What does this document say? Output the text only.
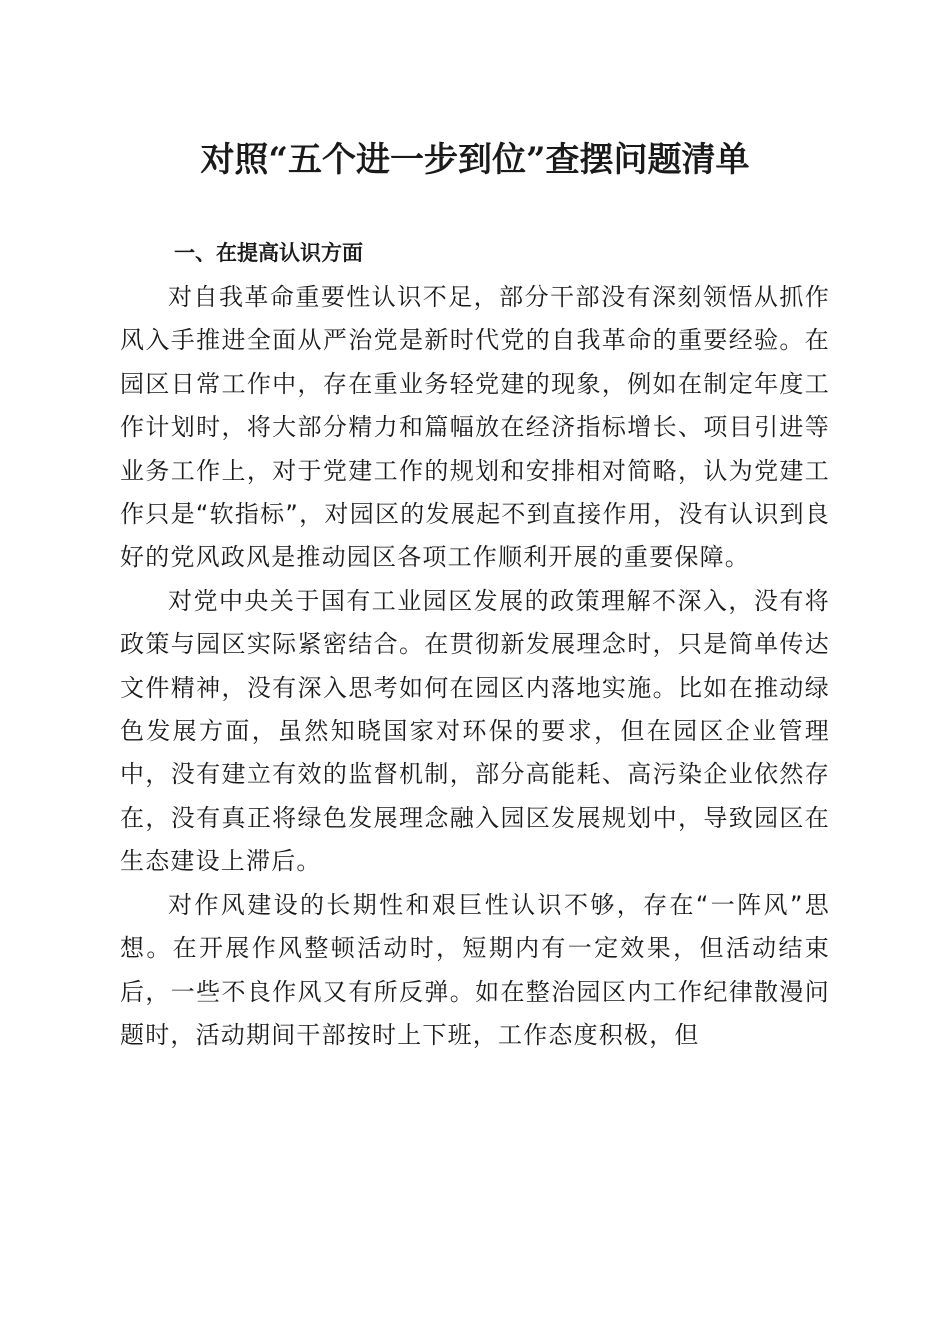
对照“五个进一步到位”查摆问题清单
一、在提高认识方面

对自我革命重要性认识不足，部分干部没有深刻领悟从抓作风入手推进全面从严治党是新时代党的自我革命的重要经验。在园区日常工作中，存在重业务轻党建的现象，例如在制定年度工作计划时，将大部分精力和篇幅放在经济指标增长、项目引进等业务工作上，对于党建工作的规划和安排相对简略，认为党建工作只是“软指标”，对园区的发展起不到直接作用，没有认识到良好的党风政风是推动园区各项工作顺利开展的重要保障。

对党中央关于国有工业园区发展的政策理解不深入，没有将政策与园区实际紧密结合。在贯彻新发展理念时，只是简单传达文件精神，没有深入思考如何在园区内落地实施。比如在推动绿色发展方面，虽然知晓国家对环保的要求，但在园区企业管理中，没有建立有效的监督机制，部分高能耗、高污染企业依然存在，没有真正将绿色发展理念融入园区发展规划中，导致园区在生态建设上滞后。

对作风建设的长期性和艰巨性认识不够，存在“一阵风”思想。在开展作风整顿活动时，短期内有一定效果，但活动结束后，一些不良作风又有所反弹。如在整治园区内工作纪律散漫问题时，活动期间干部按时上下班，工作态度积极，但
